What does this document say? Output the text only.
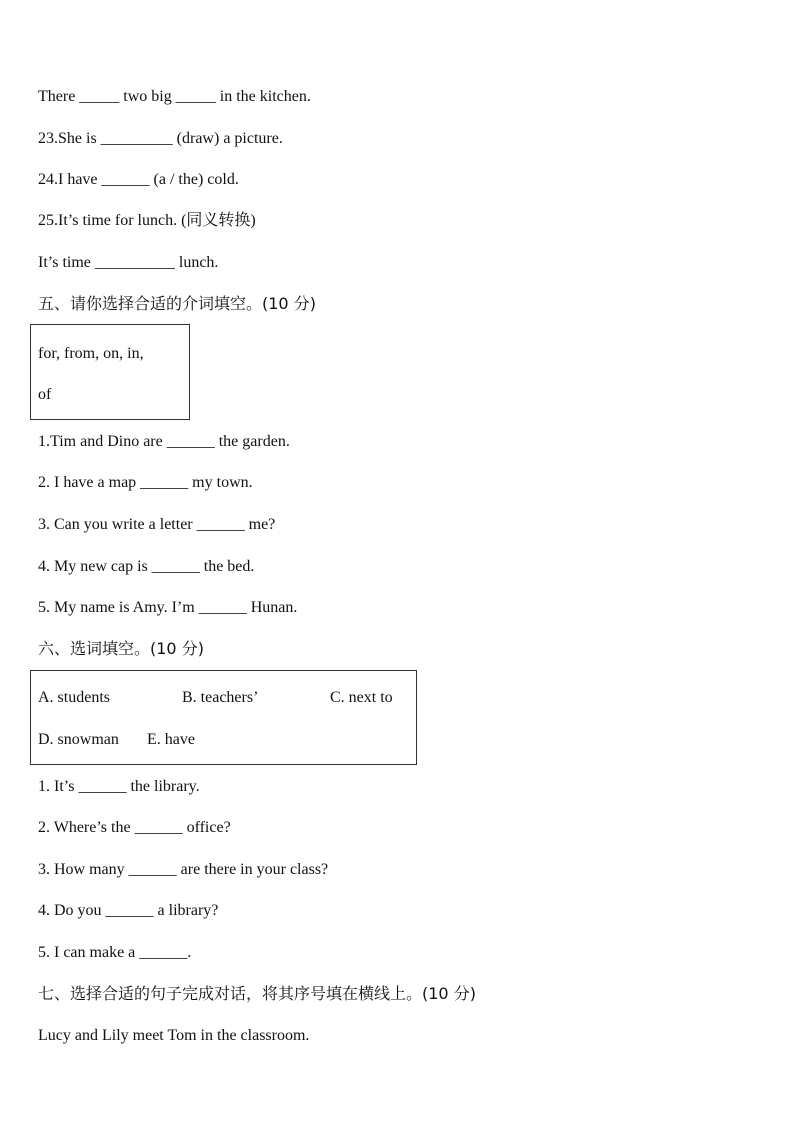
There _____ two big _____ in the kitchen.
23.She is _________ (draw) a picture.
24.I have ______ (a / the) cold.
25.It’s time for lunch. (同义转换)
It’s time __________ lunch.
五、请你选择合适的介词填空。(10 分)
for, from, on, in,
of
1.Tim and Dino are ______ the garden.
2. I have a map ______ my town.
3. Can you write a letter ______ me?
4. My new cap is ______ the bed.
5. My name is Amy. I’m ______ Hunan.
六、选词填空。(10 分)
A. students	B. teachers’	C. next to
D. snowman E. have
1. It’s ______ the library.
2. Where’s the ______ office?
3. How many ______ are there in your class?
4. Do you ______ a library?
5. I can make a ______.
七、选择合适的句子完成对话，将其序号填在横线上。(10 分)
Lucy and Lily meet Tom in the classroom.
